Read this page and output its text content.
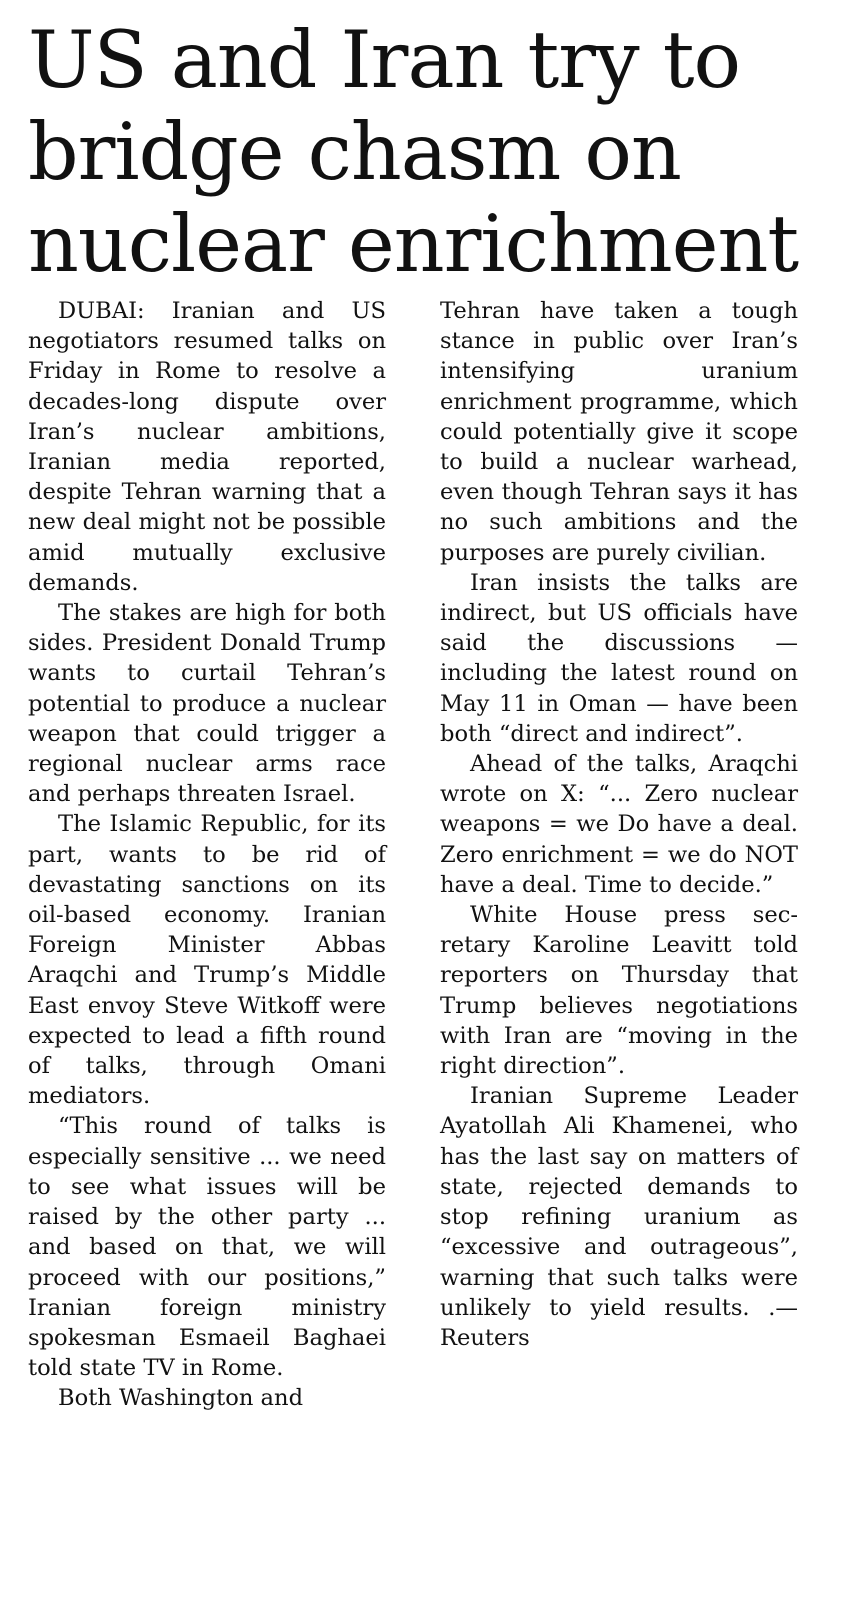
US and Iran try to
bridge chasm on
nuclear enrichment

DUBAI: Iranian and US negotiators resumed talks on Friday in Rome to resolve a decades-long dispute over Iran’s nuclear ambitions, Iranian media reported, despite Tehran warning that a new deal might not be possible amid mutually exclusive demands.

The stakes are high for both sides. President Donald Trump wants to curtail Tehran’s potential to produce a nuclear weapon that could trigger a regional nuclear arms race and perhaps threaten Israel.

The Islamic Republic, for its part, wants to be rid of devastating sanctions on its oil-based economy. Iranian Foreign Minister Abbas Araqchi and Trump’s Middle East envoy Steve Witkoff were expected to lead a fifth round of talks, through Omani mediators.

“This round of talks is especially sensitive ... we need to see what issues will be raised by the other party ... and based on that, we will proceed with our positions,” Iranian foreign ministry spokesman Esmaeil Baghaei told state TV in Rome.

Both Washington and

Tehran have taken a tough stance in public over Iran’s intensifying uranium enrichment programme, which could potentially give it scope to build a nuclear warhead, even though Tehran says it has no such ambitions and the purposes are purely civilian.

Iran insists the talks are indirect, but US officials have said the discussions — including the latest round on May 11 in Oman — have been both “direct and indirect”.

Ahead of the talks, Araqchi wrote on X: “... Zero nuclear weapons = we Do have a deal. Zero enrichment = we do NOT have a deal. Time to decide.”

White House press secretary Karoline Leavitt told reporters on Thursday that Trump believes negotiations with Iran are “moving in the right direction”.

Iranian Supreme Leader Ayatollah Ali Khamenei, who has the last say on matters of state, rejected demands to stop refining uranium as “excessive and outrageous”, warning that such talks were unlikely to yield results. .—Reuters
